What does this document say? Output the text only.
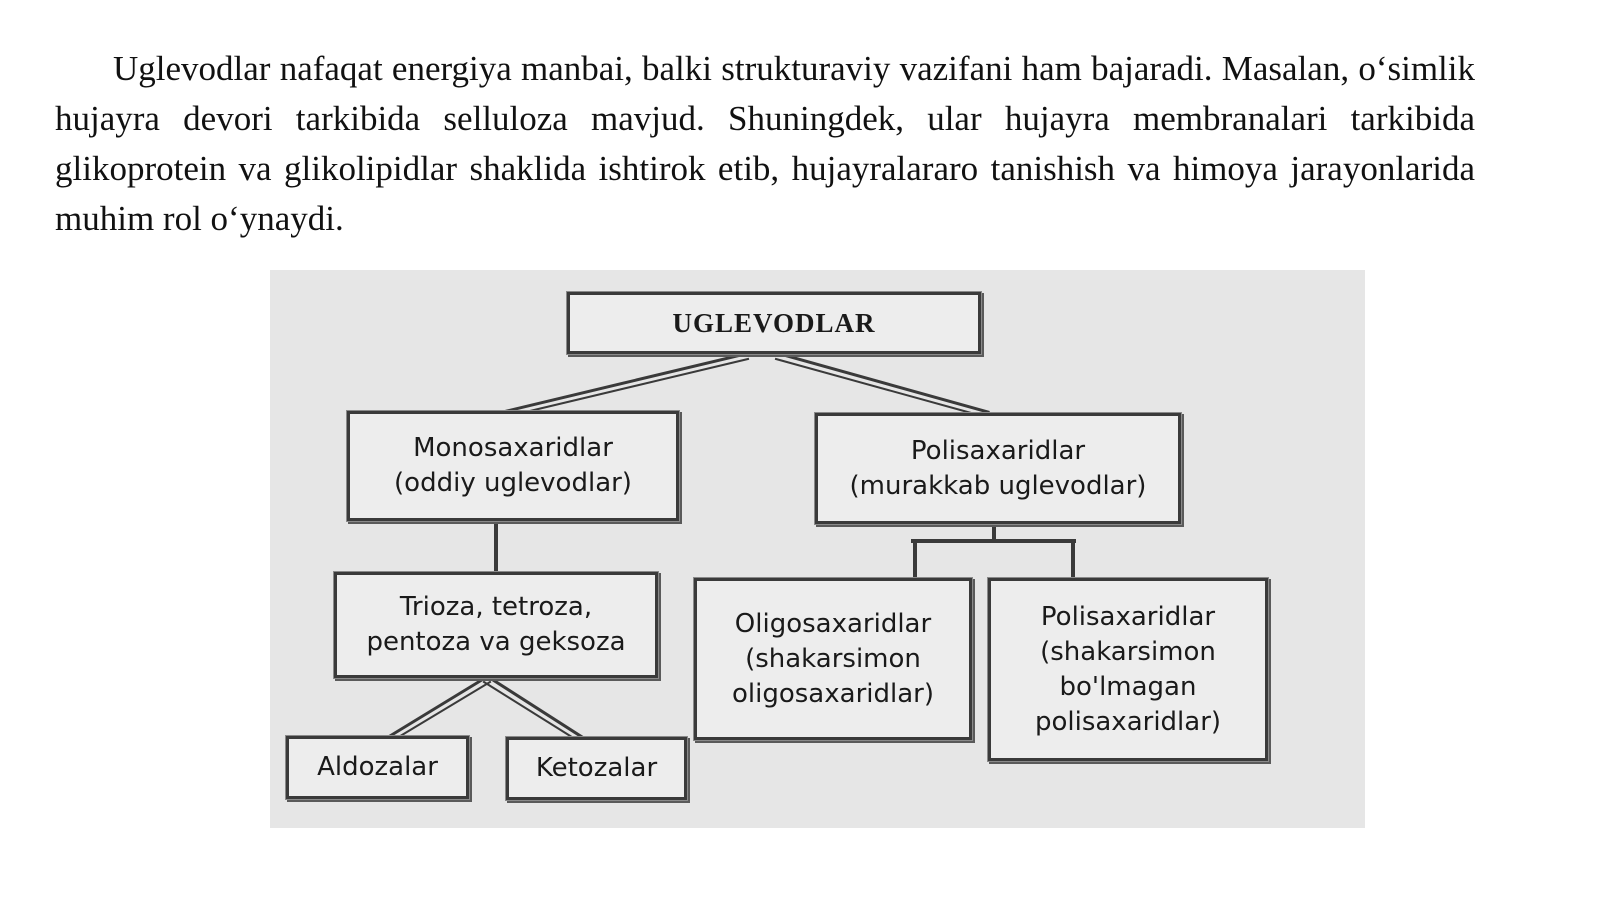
Uglevodlar nafaqat energiya manbai, balki strukturaviy vazifani ham bajaradi. Masalan, o‘simlik hujayra devori tarkibida selluloza mavjud. Shuningdek, ular hujayra membranalari tarkibida glikoprotein va glikolipidlar shaklida ishtirok etib, hujayralararo tanishish va himoya jarayonlarida muhim rol o‘ynaydi.

UGLEVODLAR
Monosaxaridlar
(oddiy uglevodlar)
Polisaxaridlar
(murakkab uglevodlar)
Trioza, tetroza,
pentoza va geksoza
Aldozalar	Ketozalar
Oligosaxaridlar
(shakarsimon
oligosaxaridlar)
Polisaxaridlar
(shakarsimon
bo'lmagan
polisaxaridlar)
